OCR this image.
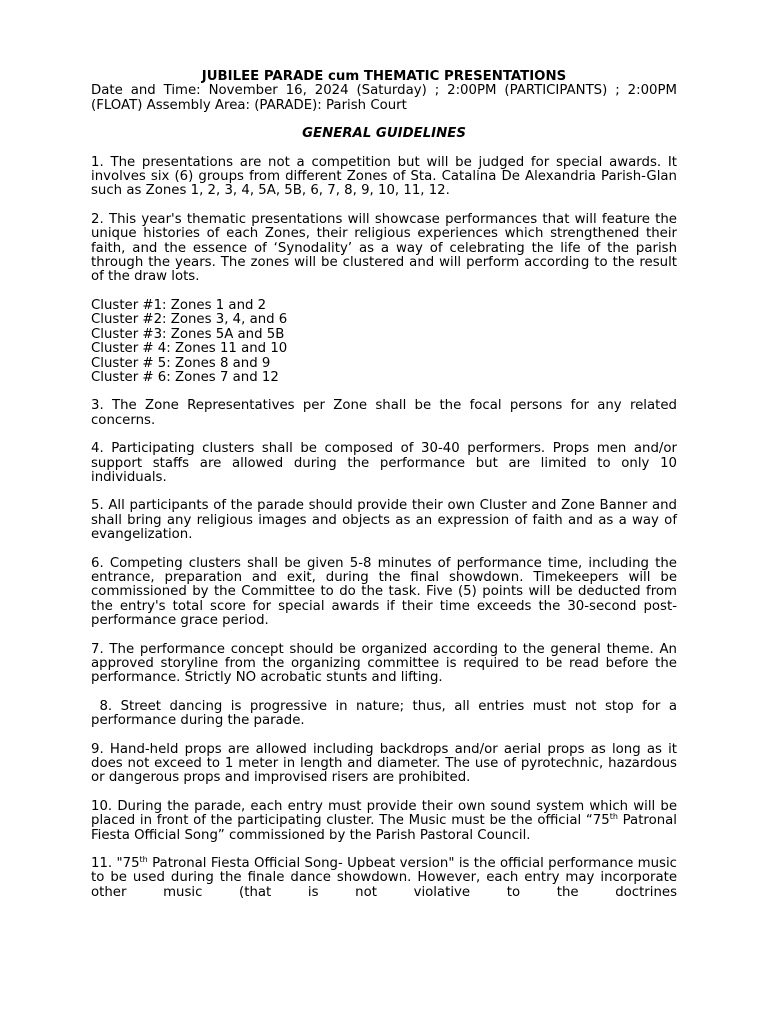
JUBILEE PARADE cum THEMATIC PRESENTATIONS
Date and Time: November 16, 2024 (Saturday) ; 2:00PM (PARTICIPANTS) ; 2:00PM (FLOAT) Assembly Area: (PARADE): Parish Court
GENERAL GUIDELINES

1. The presentations are not a competition but will be judged for special awards. It involves six (6) groups from different Zones of Sta. Catalina De Alexandria Parish-Glan such as Zones 1, 2, 3, 4, 5A, 5B, 6, 7, 8, 9, 10, 11, 12.

2. This year's thematic presentations will showcase performances that will feature the unique histories of each Zones, their religious experiences which strengthened their faith, and the essence of ‘Synodality’ as a way of celebrating the life of the parish through the years. The zones will be clustered and will perform according to the result of the draw lots.

Cluster #1: Zones 1 and 2
Cluster #2: Zones 3, 4, and 6
Cluster #3: Zones 5A and 5B
Cluster # 4: Zones 11 and 10
Cluster # 5: Zones 8 and 9
Cluster # 6: Zones 7 and 12

3. The Zone Representatives per Zone shall be the focal persons for any related concerns.

4. Participating clusters shall be composed of 30-40 performers. Props men and/or support staffs are allowed during the performance but are limited to only 10 individuals.

5. All participants of the parade should provide their own Cluster and Zone Banner and shall bring any religious images and objects as an expression of faith and as a way of evangelization.

6. Competing clusters shall be given 5-8 minutes of performance time, including the entrance, preparation and exit, during the final showdown. Timekeepers will be commissioned by the Committee to do the task. Five (5) points will be deducted from the entry's total score for special awards if their time exceeds the 30-second post-performance grace period.

7. The performance concept should be organized according to the general theme. An approved storyline from the organizing committee is required to be read before the performance. Strictly NO acrobatic stunts and lifting.

8. Street dancing is progressive in nature; thus, all entries must not stop for a performance during the parade.

9. Hand-held props are allowed including backdrops and/or aerial props as long as it does not exceed to 1 meter in length and diameter. The use of pyrotechnic, hazardous or dangerous props and improvised risers are prohibited.

10. During the parade, each entry must provide their own sound system which will be placed in front of the participating cluster. The Music must be the official “75th Patronal Fiesta Official Song” commissioned by the Parish Pastoral Council.

11. "75th Patronal Fiesta Official Song- Upbeat version" is the official performance music to be used during the finale dance showdown. However, each entry may incorporate other music (that is not violative to the doctrines
